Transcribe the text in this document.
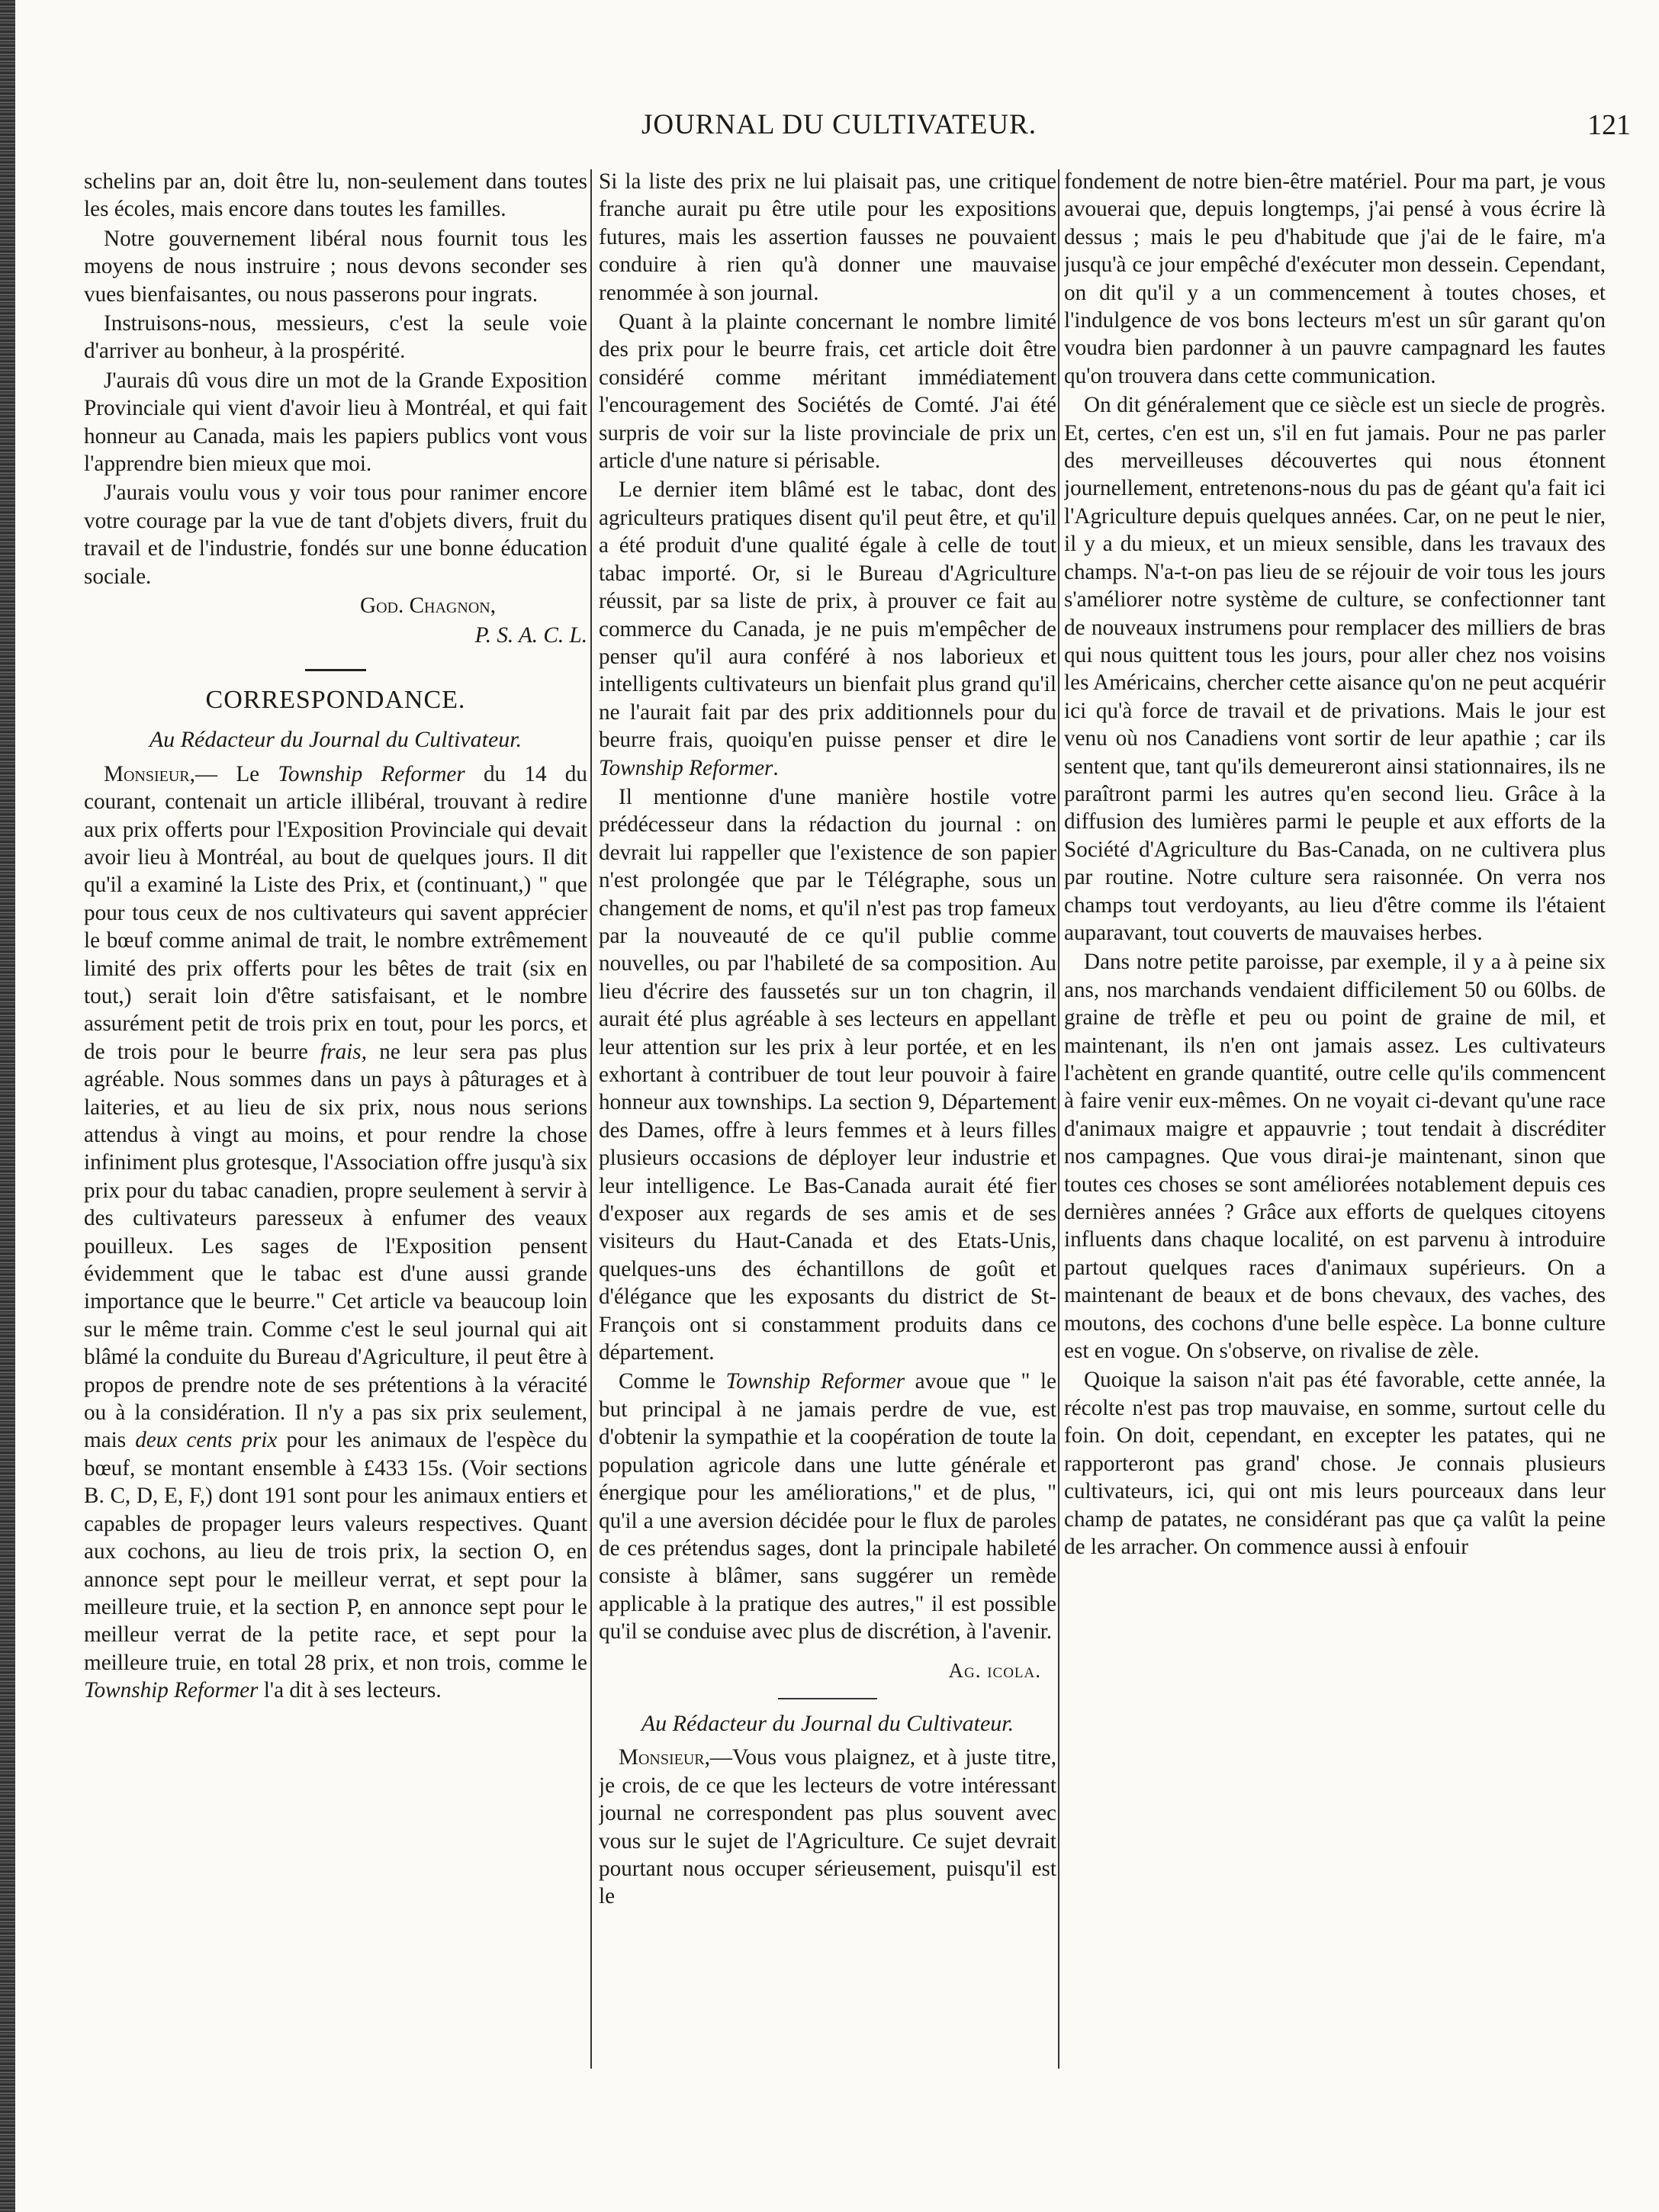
JOURNAL DU CULTIVATEUR.	121

schelins par an, doit être lu, non-seulement dans toutes les écoles, mais encore dans toutes les familles.

Notre gouvernement libéral nous fournit tous les moyens de nous instruire ; nous devons seconder ses vues bienfaisantes, ou nous passerons pour ingrats.

Instruisons-nous, messieurs, c'est la seule voie d'arriver au bonheur, à la prospérité.

J'aurais dû vous dire un mot de la Grande Exposition Provinciale qui vient d'avoir lieu à Montréal, et qui fait honneur au Canada, mais les papiers publics vont vous l'apprendre bien mieux que moi.

J'aurais voulu vous y voir tous pour ranimer encore votre courage par la vue de tant d'objets divers, fruit du travail et de l'industrie, fondés sur une bonne éducation sociale.

God. Chagnon,
P. S. A. C. L.
CORRESPONDANCE.
Au Rédacteur du Journal du Cultivateur.

Monsieur,— Le Township Reformer du 14 du courant, contenait un article illibéral, trouvant à redire aux prix offerts pour l'Exposition Provinciale qui devait avoir lieu à Montréal, au bout de quelques jours. Il dit qu'il a examiné la Liste des Prix, et (continuant,) " que pour tous ceux de nos cultivateurs qui savent apprécier le bœuf comme animal de trait, le nombre extrêmement limité des prix offerts pour les bêtes de trait (six en tout,) serait loin d'être satisfaisant, et le nombre assurément petit de trois prix en tout, pour les porcs, et de trois pour le beurre frais, ne leur sera pas plus agréable. Nous sommes dans un pays à pâturages et à laiteries, et au lieu de six prix, nous nous serions attendus à vingt au moins, et pour rendre la chose infiniment plus grotesque, l'Association offre jusqu'à six prix pour du tabac canadien, propre seulement à servir à des cultivateurs paresseux à enfumer des veaux pouilleux. Les sages de l'Exposition pensent évidemment que le tabac est d'une aussi grande importance que le beurre." Cet article va beaucoup loin sur le même train. Comme c'est le seul journal qui ait blâmé la conduite du Bureau d'Agriculture, il peut être à propos de prendre note de ses prétentions à la véracité ou à la considération. Il n'y a pas six prix seulement, mais deux cents prix pour les animaux de l'espèce du bœuf, se montant ensemble à £433 15s. (Voir sections B. C, D, E, F,) dont 191 sont pour les animaux entiers et capables de propager leurs valeurs respectives. Quant aux cochons, au lieu de trois prix, la section O, en annonce sept pour le meilleur verrat, et sept pour la meilleure truie, et la section P, en annonce sept pour le meilleur verrat de la petite race, et sept pour la meilleure truie, en total 28 prix, et non trois, comme le Township Reformer l'a dit à ses lecteurs.

Si la liste des prix ne lui plaisait pas, une critique franche aurait pu être utile pour les expositions futures, mais les assertion fausses ne pouvaient conduire à rien qu'à donner une mauvaise renommée à son journal.

Quant à la plainte concernant le nombre limité des prix pour le beurre frais, cet article doit être considéré comme méritant immédiatement l'encouragement des Sociétés de Comté. J'ai été surpris de voir sur la liste provinciale de prix un article d'une nature si périsable.

Le dernier item blâmé est le tabac, dont des agriculteurs pratiques disent qu'il peut être, et qu'il a été produit d'une qualité égale à celle de tout tabac importé. Or, si le Bureau d'Agriculture réussit, par sa liste de prix, à prouver ce fait au commerce du Canada, je ne puis m'empêcher de penser qu'il aura conféré à nos laborieux et intelligents cultivateurs un bienfait plus grand qu'il ne l'aurait fait par des prix additionnels pour du beurre frais, quoiqu'en puisse penser et dire le Township Reformer.

Il mentionne d'une manière hostile votre prédécesseur dans la rédaction du journal : on devrait lui rappeller que l'existence de son papier n'est prolongée que par le Télégraphe, sous un changement de noms, et qu'il n'est pas trop fameux par la nouveauté de ce qu'il publie comme nouvelles, ou par l'habileté de sa composition. Au lieu d'écrire des faussetés sur un ton chagrin, il aurait été plus agréable à ses lecteurs en appellant leur attention sur les prix à leur portée, et en les exhortant à contribuer de tout leur pouvoir à faire honneur aux townships. La section 9, Département des Dames, offre à leurs femmes et à leurs filles plusieurs occasions de déployer leur industrie et leur intelligence. Le Bas-Canada aurait été fier d'exposer aux regards de ses amis et de ses visiteurs du Haut-Canada et des Etats-Unis, quelques-uns des échantillons de goût et d'élégance que les exposants du district de St-François ont si constamment produits dans ce département.

Comme le Township Reformer avoue que " le but principal à ne jamais perdre de vue, est d'obtenir la sympathie et la coopération de toute la population agricole dans une lutte générale et énergique pour les améliorations," et de plus, " qu'il a une aversion décidée pour le flux de paroles de ces prétendus sages, dont la principale habileté consiste à blâmer, sans suggérer un remède applicable à la pratique des autres," il est possible qu'il se conduise avec plus de discrétion, à l'avenir.

Ag. icola.
Au Rédacteur du Journal du Cultivateur.

Monsieur,—Vous vous plaignez, et à juste titre, je crois, de ce que les lecteurs de votre intéressant journal ne correspondent pas plus souvent avec vous sur le sujet de l'Agriculture. Ce sujet devrait pourtant nous occuper sérieusement, puisqu'il est le

fondement de notre bien-être matériel. Pour ma part, je vous avouerai que, depuis longtemps, j'ai pensé à vous écrire là dessus ; mais le peu d'habitude que j'ai de le faire, m'a jusqu'à ce jour empêché d'exécuter mon dessein. Cependant, on dit qu'il y a un commencement à toutes choses, et l'indulgence de vos bons lecteurs m'est un sûr garant qu'on voudra bien pardonner à un pauvre campagnard les fautes qu'on trouvera dans cette communication.

On dit généralement que ce siècle est un siecle de progrès. Et, certes, c'en est un, s'il en fut jamais. Pour ne pas parler des merveilleuses découvertes qui nous étonnent journellement, entretenons-nous du pas de géant qu'a fait ici l'Agriculture depuis quelques années. Car, on ne peut le nier, il y a du mieux, et un mieux sensible, dans les travaux des champs. N'a-t-on pas lieu de se réjouir de voir tous les jours s'améliorer notre système de culture, se confectionner tant de nouveaux instrumens pour remplacer des milliers de bras qui nous quittent tous les jours, pour aller chez nos voisins les Américains, chercher cette aisance qu'on ne peut acquérir ici qu'à force de travail et de privations. Mais le jour est venu où nos Canadiens vont sortir de leur apathie ; car ils sentent que, tant qu'ils demeureront ainsi stationnaires, ils ne paraîtront parmi les autres qu'en second lieu. Grâce à la diffusion des lumières parmi le peuple et aux efforts de la Société d'Agriculture du Bas-Canada, on ne cultivera plus par routine. Notre culture sera raisonnée. On verra nos champs tout verdoyants, au lieu d'être comme ils l'étaient auparavant, tout couverts de mauvaises herbes.

Dans notre petite paroisse, par exemple, il y a à peine six ans, nos marchands vendaient difficilement 50 ou 60lbs. de graine de trèfle et peu ou point de graine de mil, et maintenant, ils n'en ont jamais assez. Les cultivateurs l'achètent en grande quantité, outre celle qu'ils commencent à faire venir eux-mêmes. On ne voyait ci-devant qu'une race d'animaux maigre et appauvrie ; tout tendait à discréditer nos campagnes. Que vous dirai-je maintenant, sinon que toutes ces choses se sont améliorées notablement depuis ces dernières années ? Grâce aux efforts de quelques citoyens influents dans chaque localité, on est parvenu à introduire partout quelques races d'animaux supérieurs. On a maintenant de beaux et de bons chevaux, des vaches, des moutons, des cochons d'une belle espèce. La bonne culture est en vogue. On s'observe, on rivalise de zèle.

Quoique la saison n'ait pas été favorable, cette année, la récolte n'est pas trop mauvaise, en somme, surtout celle du foin. On doit, cependant, en excepter les patates, qui ne rapporteront pas grand' chose. Je connais plusieurs cultivateurs, ici, qui ont mis leurs pourceaux dans leur champ de patates, ne considérant pas que ça valût la peine de les arracher. On commence aussi à enfouir
